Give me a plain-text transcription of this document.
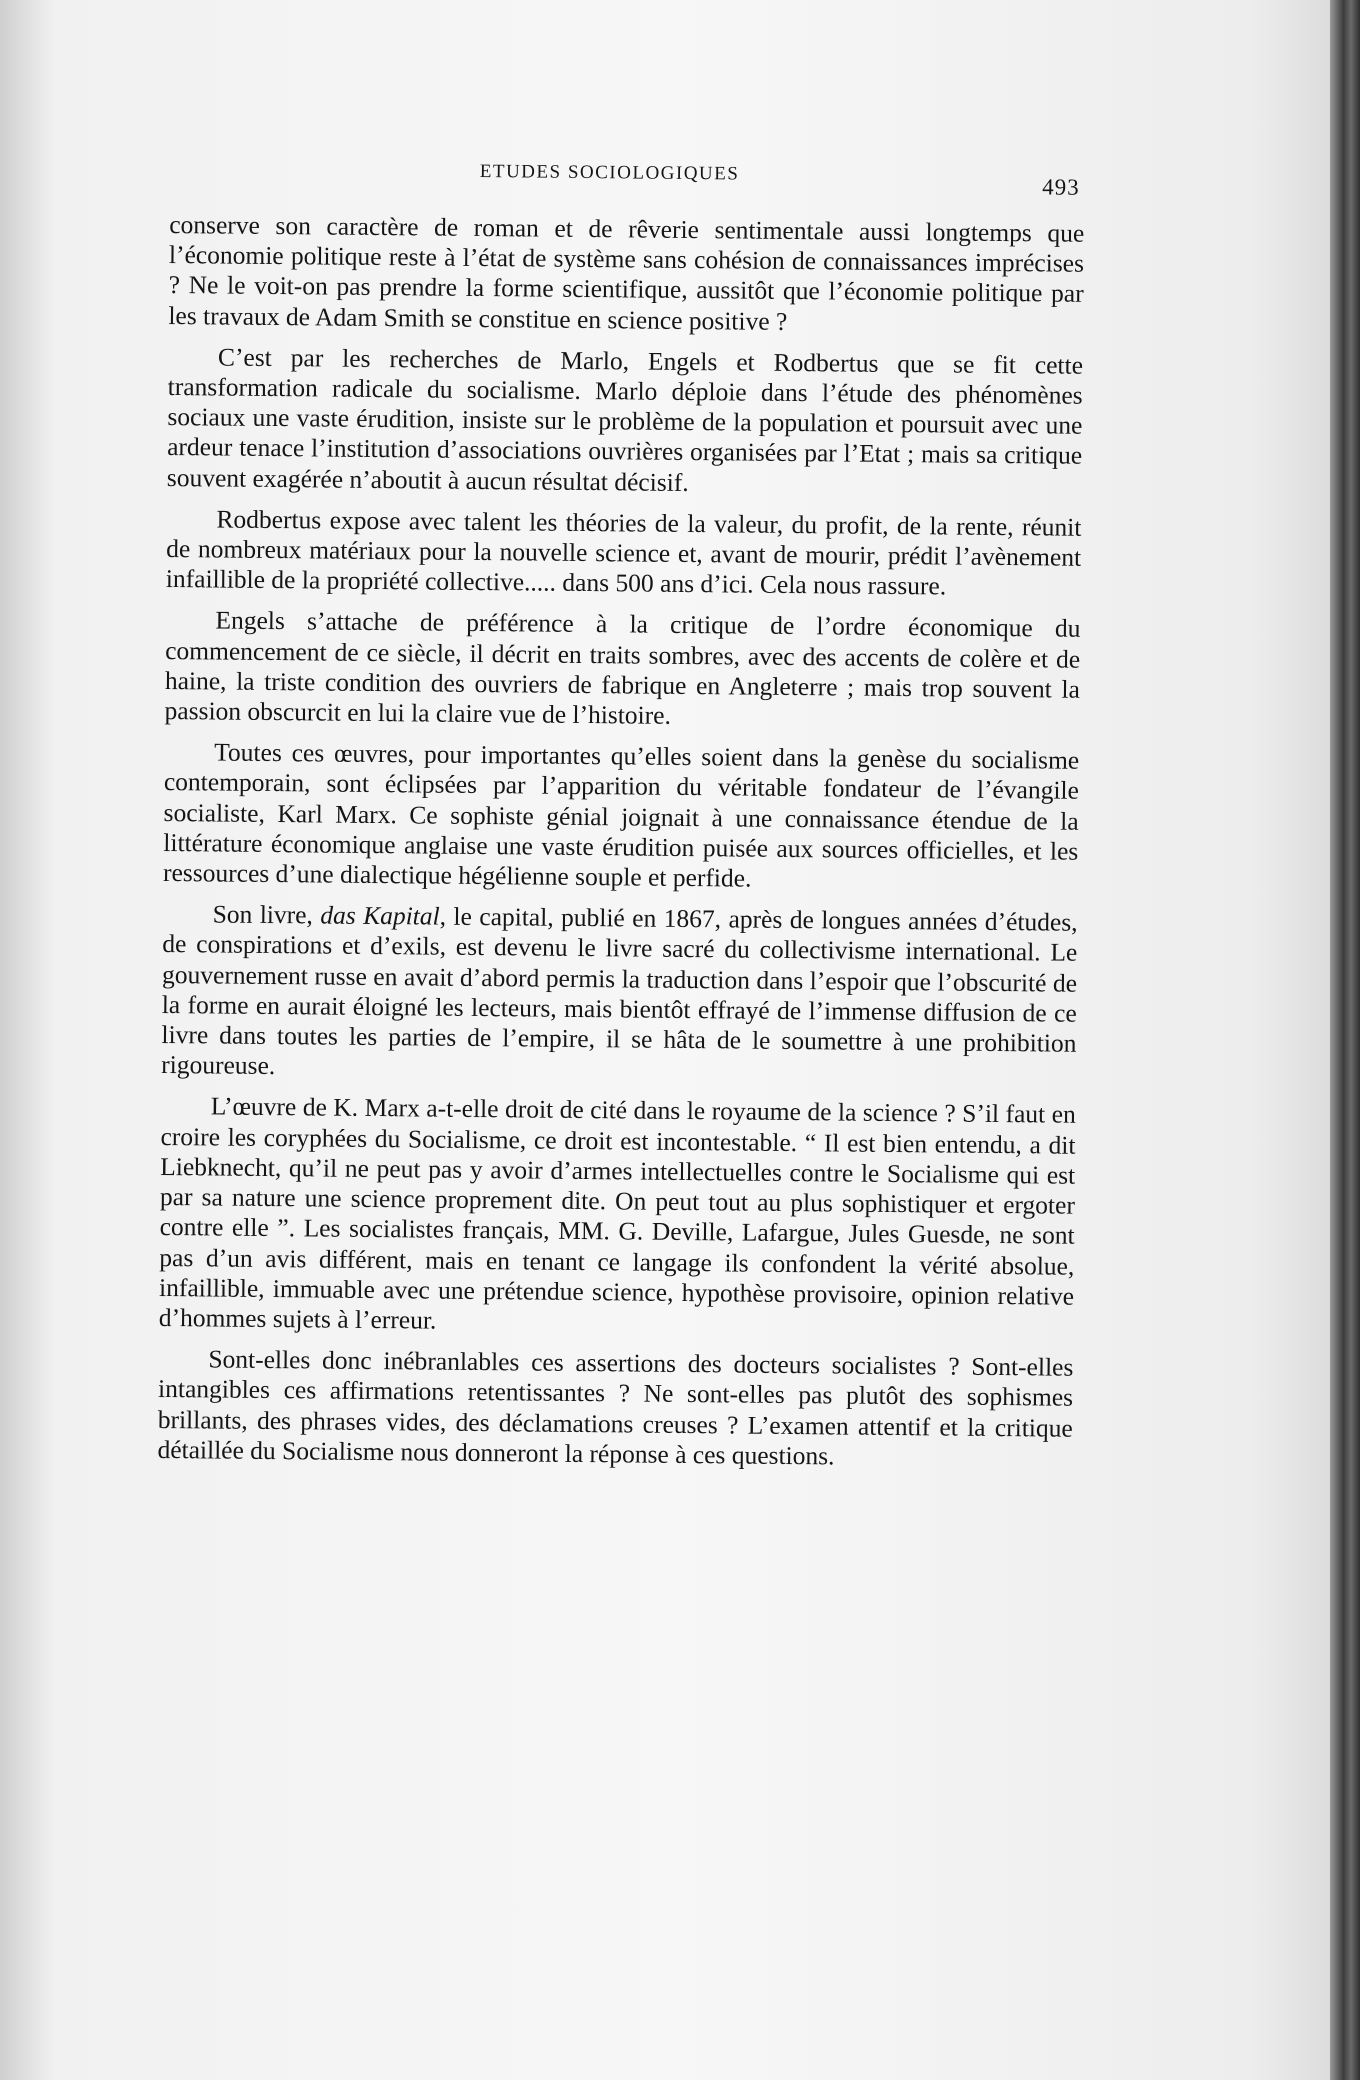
ETUDES SOCIOLOGIQUES
493

conserve son caractère de roman et de rêverie sentimentale aussi longtemps que l’économie politique reste à l’état de système sans cohésion de connaissances imprécises ? Ne le voit-on pas prendre la forme scientifique, aussitôt que l’économie politique par les travaux de Adam Smith se constitue en science positive ?

C’est par les recherches de Marlo, Engels et Rodbertus que se fit cette transformation radicale du socialisme. Marlo déploie dans l’étude des phénomènes sociaux une vaste érudition, insiste sur le problème de la population et poursuit avec une ardeur tenace l’institution d’associations ouvrières organisées par l’Etat ; mais sa critique souvent exagérée n’aboutit à aucun résultat décisif.

Rodbertus expose avec talent les théories de la valeur, du profit, de la rente, réunit de nombreux matériaux pour la nouvelle science et, avant de mourir, prédit l’avènement infaillible de la propriété collective..... dans 500 ans d’ici. Cela nous rassure.

Engels s’attache de préférence à la critique de l’ordre économique du commencement de ce siècle, il décrit en traits sombres, avec des accents de colère et de haine, la triste condition des ouvriers de fabrique en Angleterre ; mais trop souvent la passion obscurcit en lui la claire vue de l’histoire.

Toutes ces œuvres, pour importantes qu’elles soient dans la genèse du socialisme contemporain, sont éclipsées par l’apparition du véritable fondateur de l’évangile socialiste, Karl Marx. Ce sophiste génial joignait à une connaissance étendue de la littérature économique anglaise une vaste érudition puisée aux sources officielles, et les ressources d’une dialectique hégélienne souple et perfide.

Son livre, das Kapital, le capital, publié en 1867, après de longues années d’études, de conspirations et d’exils, est devenu le livre sacré du collectivisme international. Le gouvernement russe en avait d’abord permis la traduction dans l’espoir que l’obscurité de la forme en aurait éloigné les lecteurs, mais bientôt effrayé de l’immense diffusion de ce livre dans toutes les parties de l’empire, il se hâta de le soumettre à une prohibition rigoureuse.

L’œuvre de K. Marx a-t-elle droit de cité dans le royaume de la science ? S’il faut en croire les coryphées du Socialisme, ce droit est incontestable. “ Il est bien entendu, a dit Liebknecht, qu’il ne peut pas y avoir d’armes intellectuelles contre le Socialisme qui est par sa nature une science proprement dite. On peut tout au plus sophistiquer et ergoter contre elle ”. Les socialistes français, MM. G. Deville, Lafargue, Jules Guesde, ne sont pas d’un avis différent, mais en tenant ce langage ils confondent la vérité absolue, infaillible, immuable avec une prétendue science, hypothèse provisoire, opinion relative d’hommes sujets à l’erreur.

Sont-elles donc inébranlables ces assertions des docteurs socialistes ? Sont-elles intangibles ces affirmations retentissantes ? Ne sont-elles pas plutôt des sophismes brillants, des phrases vides, des déclamations creuses ? L’examen attentif et la critique détaillée du Socialisme nous donneront la réponse à ces questions.
